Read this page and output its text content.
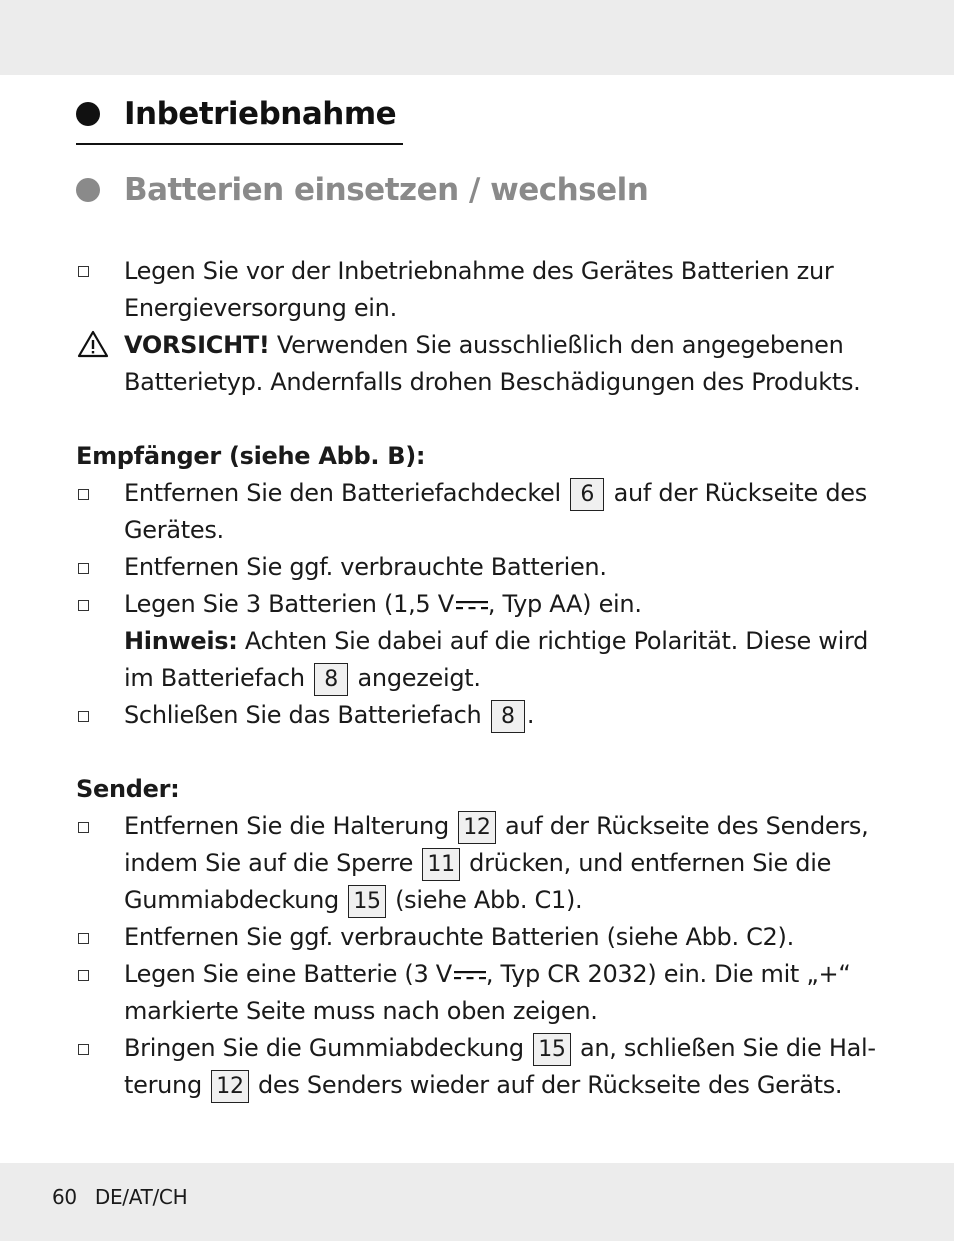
Inbetriebnahme
Batterien einsetzen / wechseln
Legen Sie vor der Inbetriebnahme des Gerätes Batterien zur
Energieversorgung ein.
VORSICHT! Verwenden Sie ausschließlich den angegebenen
Batterietyp. Andernfalls drohen Beschädigungen des Produkts.
Empfänger (siehe Abb. B):
Entfernen Sie den Batteriefachdeckel 6 auf der Rückseite des
Gerätes.
Entfernen Sie ggf. verbrauchte Batterien.
Legen Sie 3 Batterien (1,5 V , Typ AA) ein.
Hinweis: Achten Sie dabei auf die richtige Polarität. Diese wird
im Batteriefach 8 angezeigt.
Schließen Sie das Batteriefach 8 .
Sender:
Entfernen Sie die Halterung 12 auf der Rückseite des Senders,
indem Sie auf die Sperre 11 drücken, und entfernen Sie die
Gummiabdeckung 15 (siehe Abb. C1).
Entfernen Sie ggf. verbrauchte Batterien (siehe Abb. C2).
Legen Sie eine Batterie (3 V , Typ CR 2032) ein. Die mit „+“
markierte Seite muss nach oben zeigen.
Bringen Sie die Gummiabdeckung 15 an, schließen Sie die Hal-
terung 12 des Senders wieder auf der Rückseite des Geräts.
60 DE/AT/CH
